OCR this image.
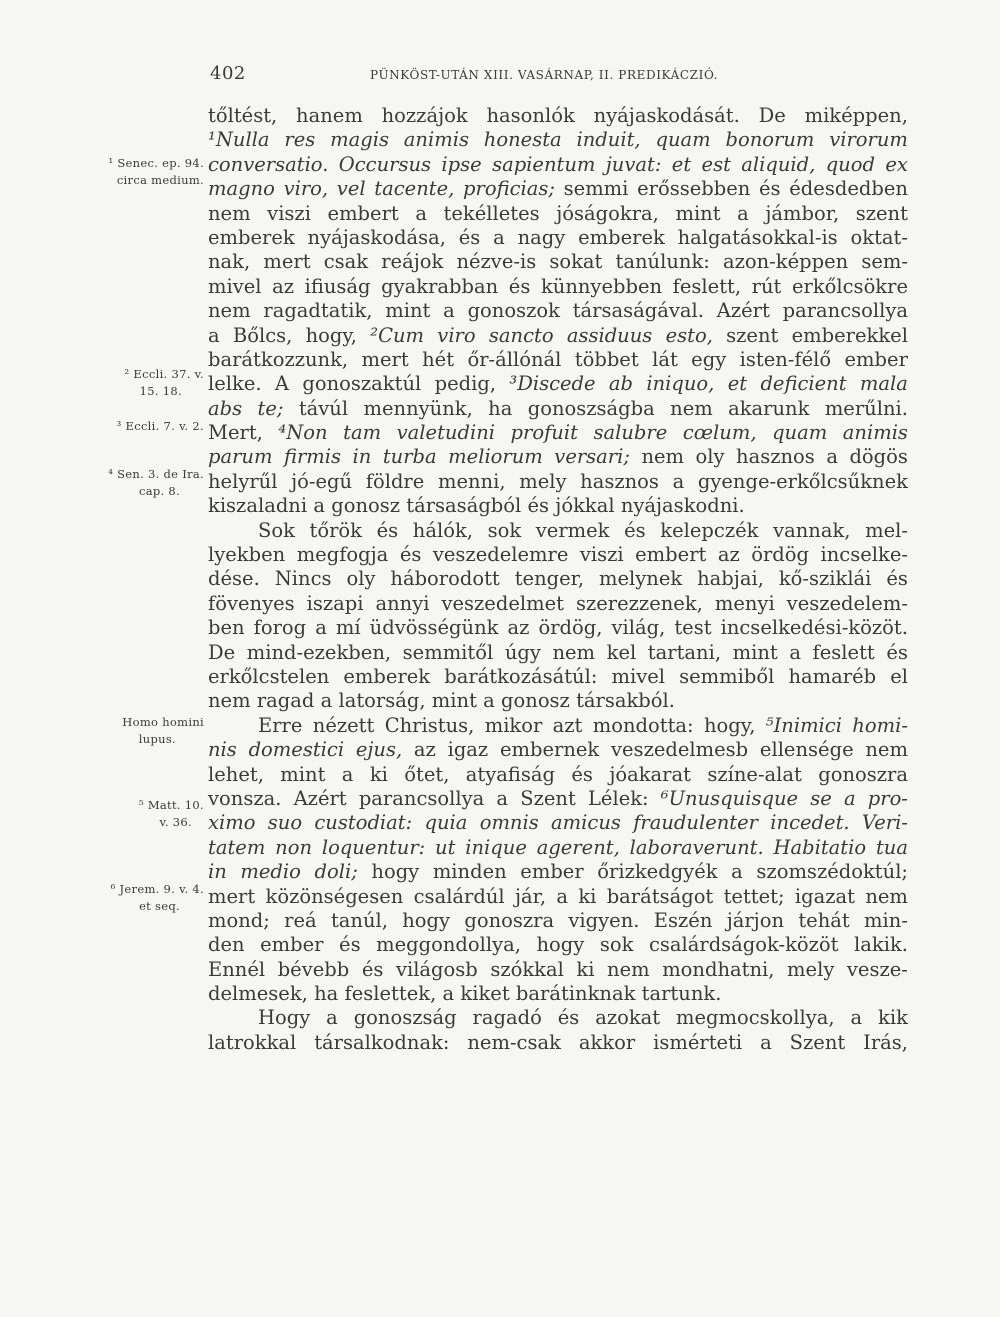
402	PÜNKÖST-UTÁN XIII. VASÁRNAP, II. PREDIKÁCZIÓ.
tőltést, hanem hozzájok hasonlók nyájaskodását. De miképpen,
¹Nulla res magis animis honesta induit, quam bonorum virorum
conversatio. Occursus ipse sapientum juvat: et est aliquid, quod ex
magno viro, vel tacente, proficias; semmi erőssebben és édesdedben
nem viszi embert a tekélletes jóságokra, mint a jámbor, szent
emberek nyájaskodása, és a nagy emberek halgatásokkal-is oktat-
nak, mert csak reájok nézve-is sokat tanúlunk: azon-képpen sem-
mivel az ifiuság gyakrabban és künnyebben feslett, rút erkőlcsökre
nem ragadtatik, mint a gonoszok társaságával. Azért parancsollya
a Bőlcs, hogy, ²Cum viro sancto assiduus esto, szent emberekkel
barátkozzunk, mert hét őr-állónál többet lát egy isten-félő ember
lelke. A gonoszaktúl pedig, ³Discede ab iniquo, et deficient mala
abs te; távúl mennyünk, ha gonoszságba nem akarunk merűlni.
Mert, ⁴Non tam valetudini profuit salubre cœlum, quam animis
parum firmis in turba meliorum versari; nem oly hasznos a dögös
helyrűl jó-egű földre menni, mely hasznos a gyenge-erkőlcsűknek
kiszaladni a gonosz társaságból és jókkal nyájaskodni.
Sok tőrök és hálók, sok vermek és kelepczék vannak, mel-
lyekben megfogja és veszedelemre viszi embert az ördög incselke-
dése. Nincs oly háborodott tenger, melynek habjai, kő-sziklái és
fövenyes iszapi annyi veszedelmet szerezzenek, menyi veszedelem-
ben forog a mí üdvösségünk az ördög, világ, test incselkedési-közöt.
De mind-ezekben, semmitől úgy nem kel tartani, mint a feslett és
erkőlcstelen emberek barátkozásátúl: mivel semmiből hamaréb el
nem ragad a latorság, mint a gonosz társakból.
Erre nézett Christus, mikor azt mondotta: hogy, ⁵Inimici homi-
nis domestici ejus, az igaz embernek veszedelmesb ellensége nem
lehet, mint a ki őtet, atyafiság és jóakarat színe-alat gonoszra
vonsza. Azért parancsollya a Szent Lélek: ⁶Unusquisque se a pro-
ximo suo custodiat: quia omnis amicus fraudulenter incedet. Veri-
tatem non loquentur: ut inique agerent, laboraverunt. Habitatio tua
in medio doli; hogy minden ember őrizkedgyék a szomszédoktúl;
mert közönségesen csalárdúl jár, a ki barátságot tettet; igazat nem
mond; reá tanúl, hogy gonoszra vigyen. Eszén járjon tehát min-
den ember és meggondollya, hogy sok csalárdságok-közöt lakik.
Ennél bévebb és világosb szókkal ki nem mondhatni, mely vesze-
delmesek, ha feslettek, a kiket barátinknak tartunk.
Hogy a gonoszság ragadó és azokat megmocskollya, a kik
latrokkal társalkodnak: nem-csak akkor ismérteti a Szent Irás,
¹ Senec. ep. 94.
circa medium.
² Eccli. 37. v.
15. 18.
³ Eccli. 7. v. 2.
⁴ Sen. 3. de Ira.
cap. 8.
Homo homini
lupus.
⁵ Matt. 10.
v. 36.
⁶ Jerem. 9. v. 4.
et seq.
